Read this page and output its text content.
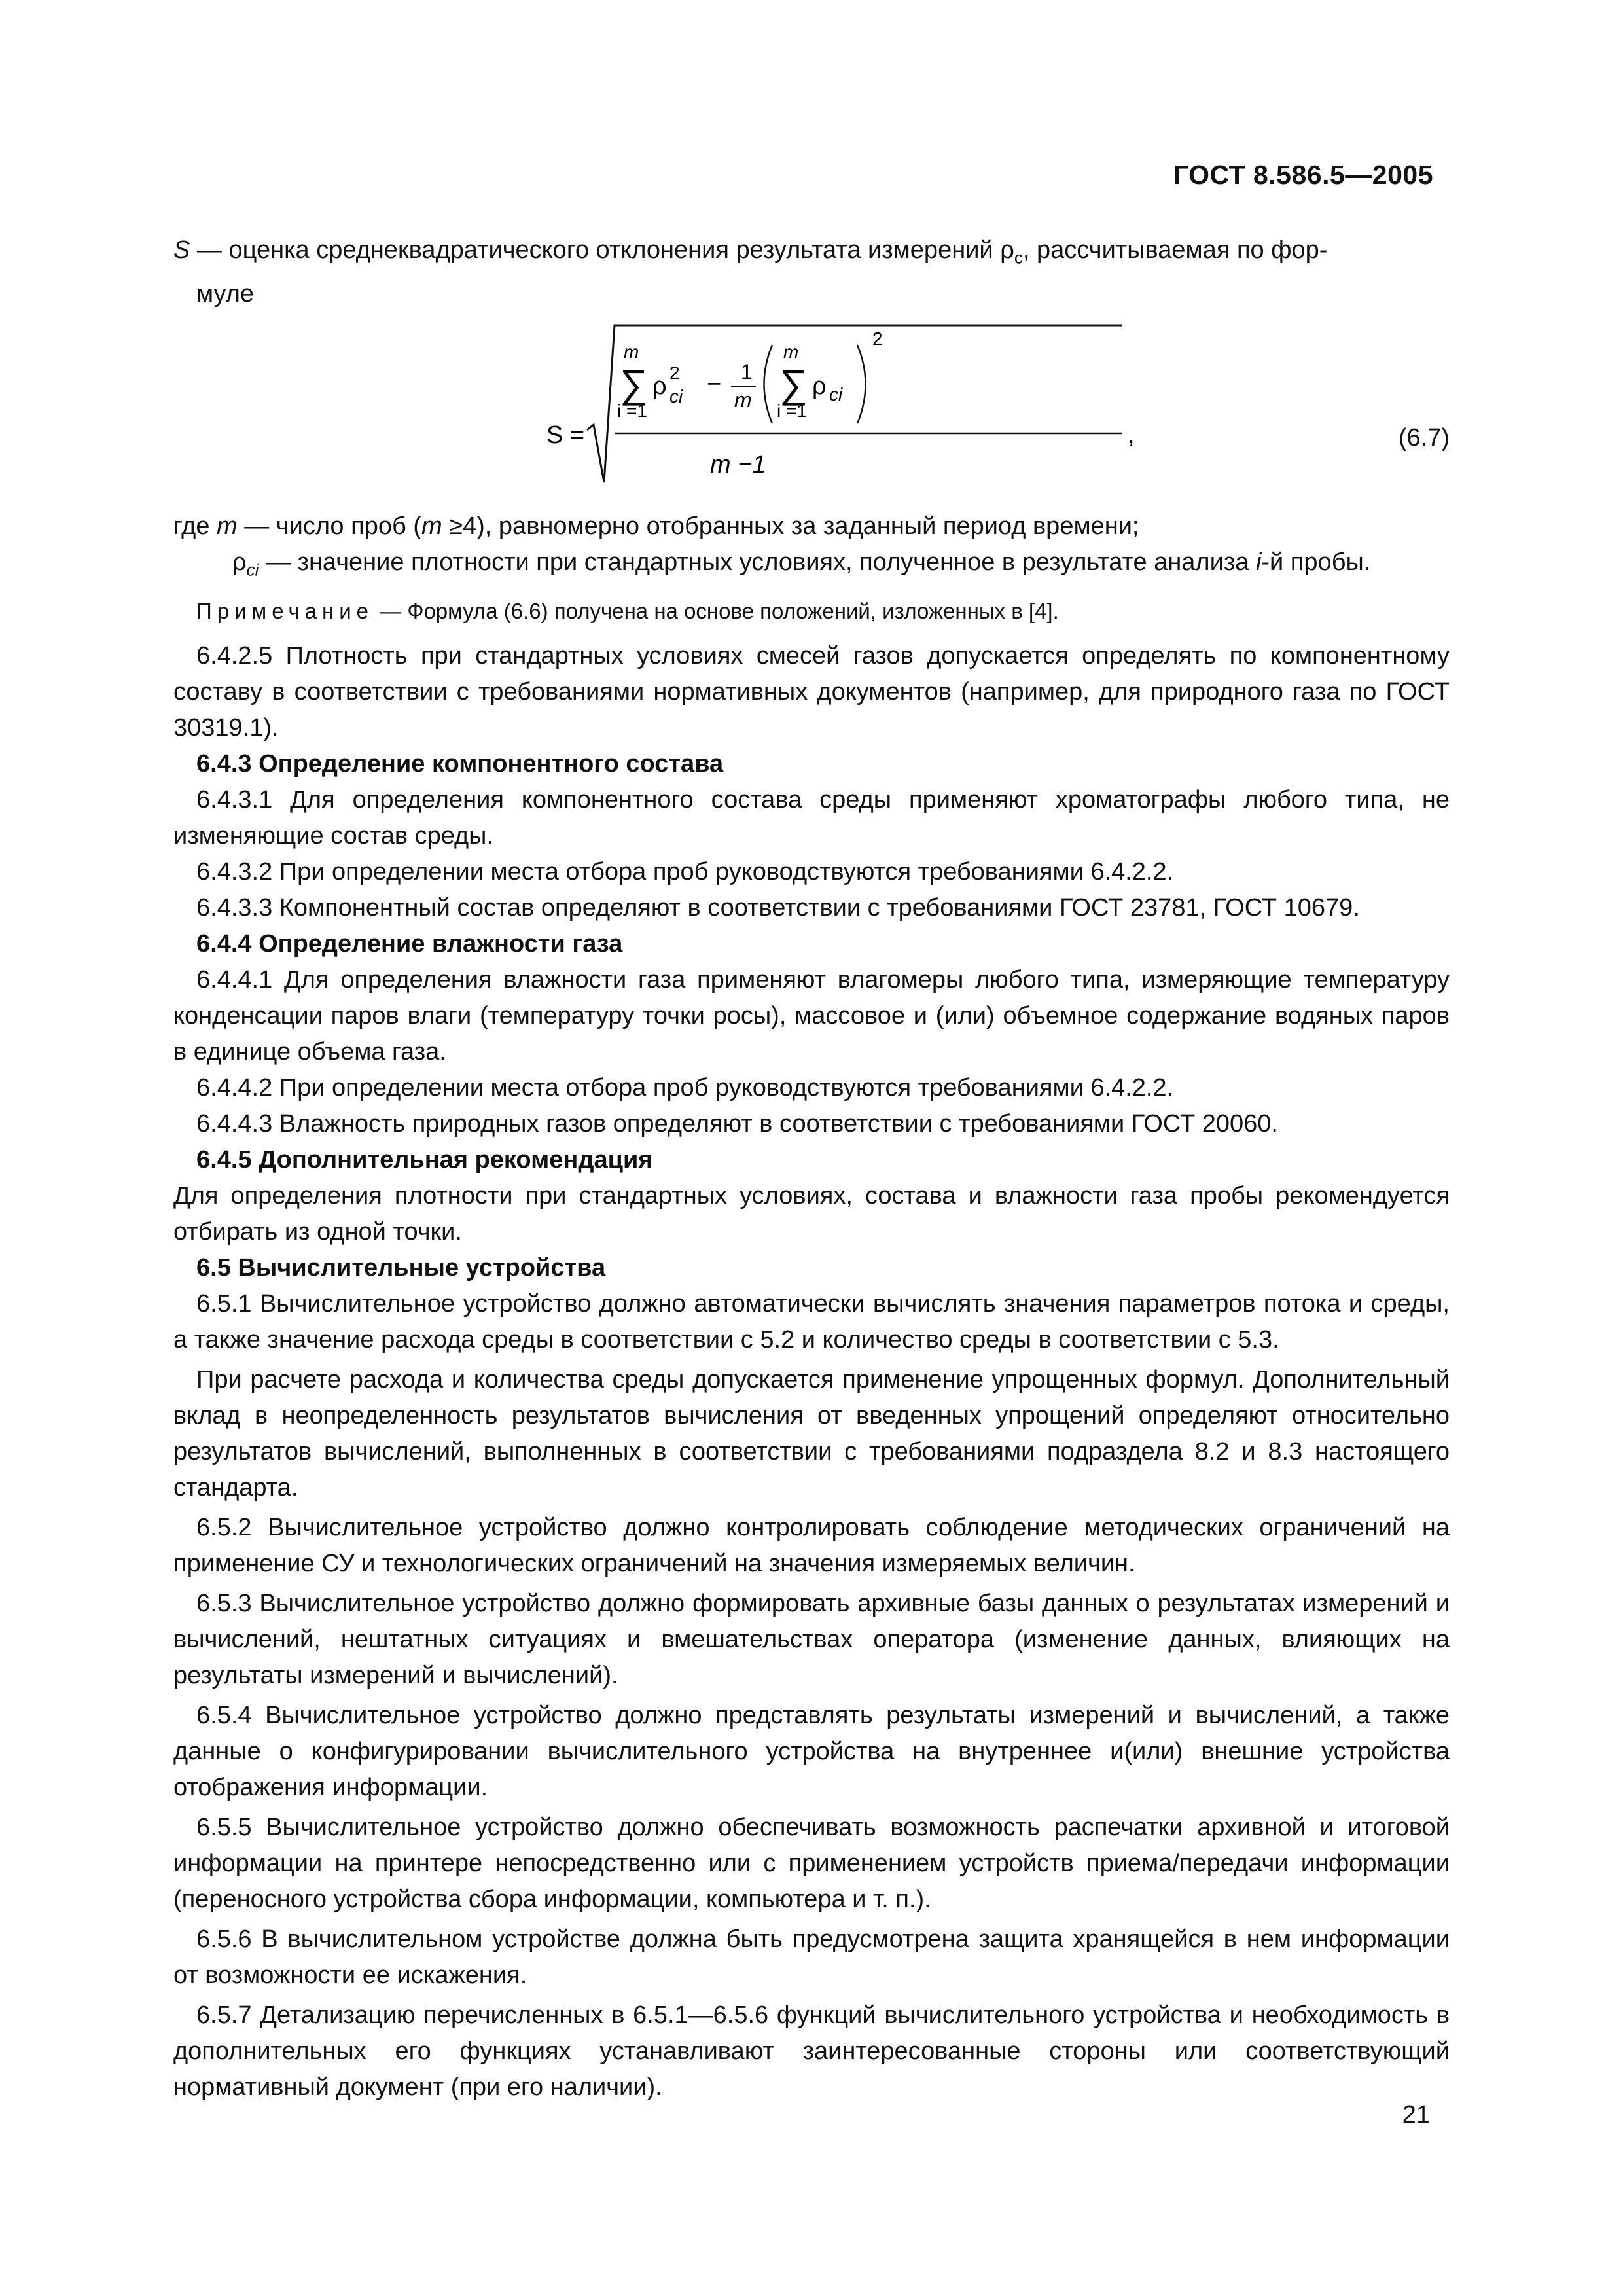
ГОСТ 8.586.5—2005

S — оценка среднеквадратического отклонения результата измерений $\rho_с$, рассчитываемая по фор-

муле

S =
m
∑
i =1
ρ 2
ci − 1
m
m
∑
i =1
ρ ci
2
m −1
,	(6.7)

где m — число проб (m ≥4), равномерно отобранных за заданный период времени;

$\rho_{ci}$ — значение плотности при стандартных условиях, полученное в результате анализа i-й пробы.

Примечание — Формула (6.6) получена на основе положений, изложенных в [4].

6.4.2.5 Плотность при стандартных условиях смесей газов допускается определять по компонентному составу в соответствии с требованиями нормативных документов (например, для природного газа по ГОСТ 30319.1).

6.4.3 Определение компонентного состава

6.4.3.1 Для определения компонентного состава среды применяют хроматографы любого типа, не изменяющие состав среды.

6.4.3.2 При определении места отбора проб руководствуются требованиями 6.4.2.2.

6.4.3.3 Компонентный состав определяют в соответствии с требованиями ГОСТ 23781, ГОСТ 10679.

6.4.4 Определение влажности газа

6.4.4.1 Для определения влажности газа применяют влагомеры любого типа, измеряющие температуру конденсации паров влаги (температуру точки росы), массовое и (или) объемное содержание водяных паров в единице объема газа.

6.4.4.2 При определении места отбора проб руководствуются требованиями 6.4.2.2.

6.4.4.3 Влажность природных газов определяют в соответствии с требованиями ГОСТ 20060.

6.4.5 Дополнительная рекомендация

Для определения плотности при стандартных условиях, состава и влажности газа пробы рекомендуется отбирать из одной точки.

6.5 Вычислительные устройства

6.5.1 Вычислительное устройство должно автоматически вычислять значения параметров потока и среды, а также значение расхода среды в соответствии с 5.2 и количество среды в соответствии с 5.3.

При расчете расхода и количества среды допускается применение упрощенных формул. Дополнительный вклад в неопределенность результатов вычисления от введенных упрощений определяют относительно результатов вычислений, выполненных в соответствии с требованиями подраздела 8.2 и 8.3 настоящего стандарта.

6.5.2 Вычислительное устройство должно контролировать соблюдение методических ограничений на применение СУ и технологических ограничений на значения измеряемых величин.

6.5.3 Вычислительное устройство должно формировать архивные базы данных о результатах измерений и вычислений, нештатных ситуациях и вмешательствах оператора (изменение данных, влияющих на результаты измерений и вычислений).

6.5.4 Вычислительное устройство должно представлять результаты измерений и вычислений, а также данные о конфигурировании вычислительного устройства на внутреннее и(или) внешние устройства отображения информации.

6.5.5 Вычислительное устройство должно обеспечивать возможность распечатки архивной и итоговой информации на принтере непосредственно или с применением устройств приема/передачи информации (переносного устройства сбора информации, компьютера и т. п.).

6.5.6 В вычислительном устройстве должна быть предусмотрена защита хранящейся в нем информации от возможности ее искажения.

6.5.7 Детализацию перечисленных в 6.5.1—6.5.6 функций вычислительного устройства и необходимость в дополнительных его функциях устанавливают заинтересованные стороны или соответствующий нормативный документ (при его наличии).

21
